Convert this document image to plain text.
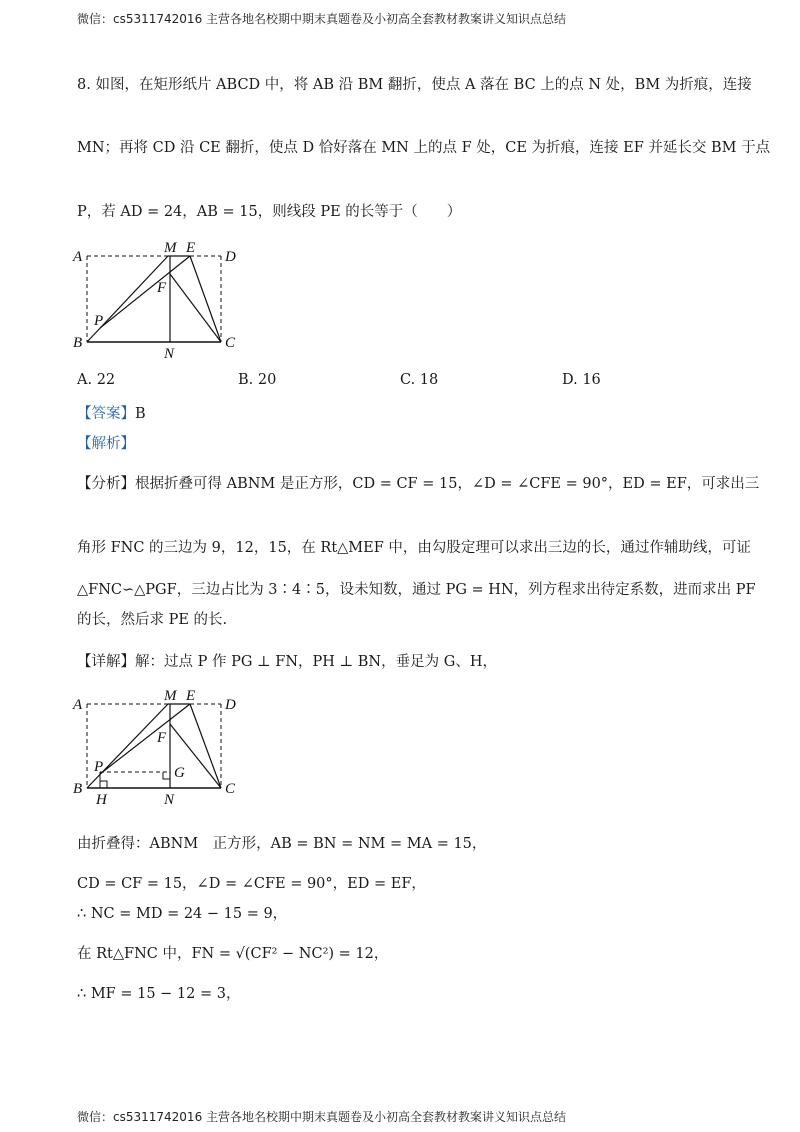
微信：cs5311742016 主营各地名校期中期末真题卷及小初高全套教材教案讲义知识点总结
8. 如图，在矩形纸片 ABCD 中，将 AB 沿 BM 翻折，使点 A 落在 BC 上的点 N 处，BM 为折痕，连接
MN；再将 CD 沿 CE 翻折，使点 D 恰好落在 MN 上的点 F 处，CE 为折痕，连接 EF 并延长交 BM 于点
P，若 AD = 24，AB = 15，则线段 PE 的长等于（　　）
A
M E
D
F
P
B
N
C
A. 22	B. 20	C. 18	D. 16
【答案】B
【解析】
【分析】根据折叠可得 ABNM 是正方形，CD = CF = 15，∠D = ∠CFE = 90°，ED = EF，可求出三
角形 FNC 的三边为 9，12，15，在 Rt△MEF 中，由勾股定理可以求出三边的长，通过作辅助线，可证
△FNC∽△PGF，三边占比为 3∶4∶5，设未知数，通过 PG = HN，列方程求出待定系数，进而求出 PF
的长，然后求 PE 的长.
【详解】解：过点 P 作 PG ⊥ FN，PH ⊥ BN，垂足为 G、H，
A
M E
D
F
P	G
B
H	N
C
由折叠得：ABNM　正方形，AB = BN = NM = MA = 15，
CD = CF = 15，∠D = ∠CFE = 90°，ED = EF，
∴ NC = MD = 24 − 15 = 9，
在 Rt△FNC 中，FN = √(CF² − NC²) = 12，
∴ MF = 15 − 12 = 3，
微信：cs5311742016 主营各地名校期中期末真题卷及小初高全套教材教案讲义知识点总结
